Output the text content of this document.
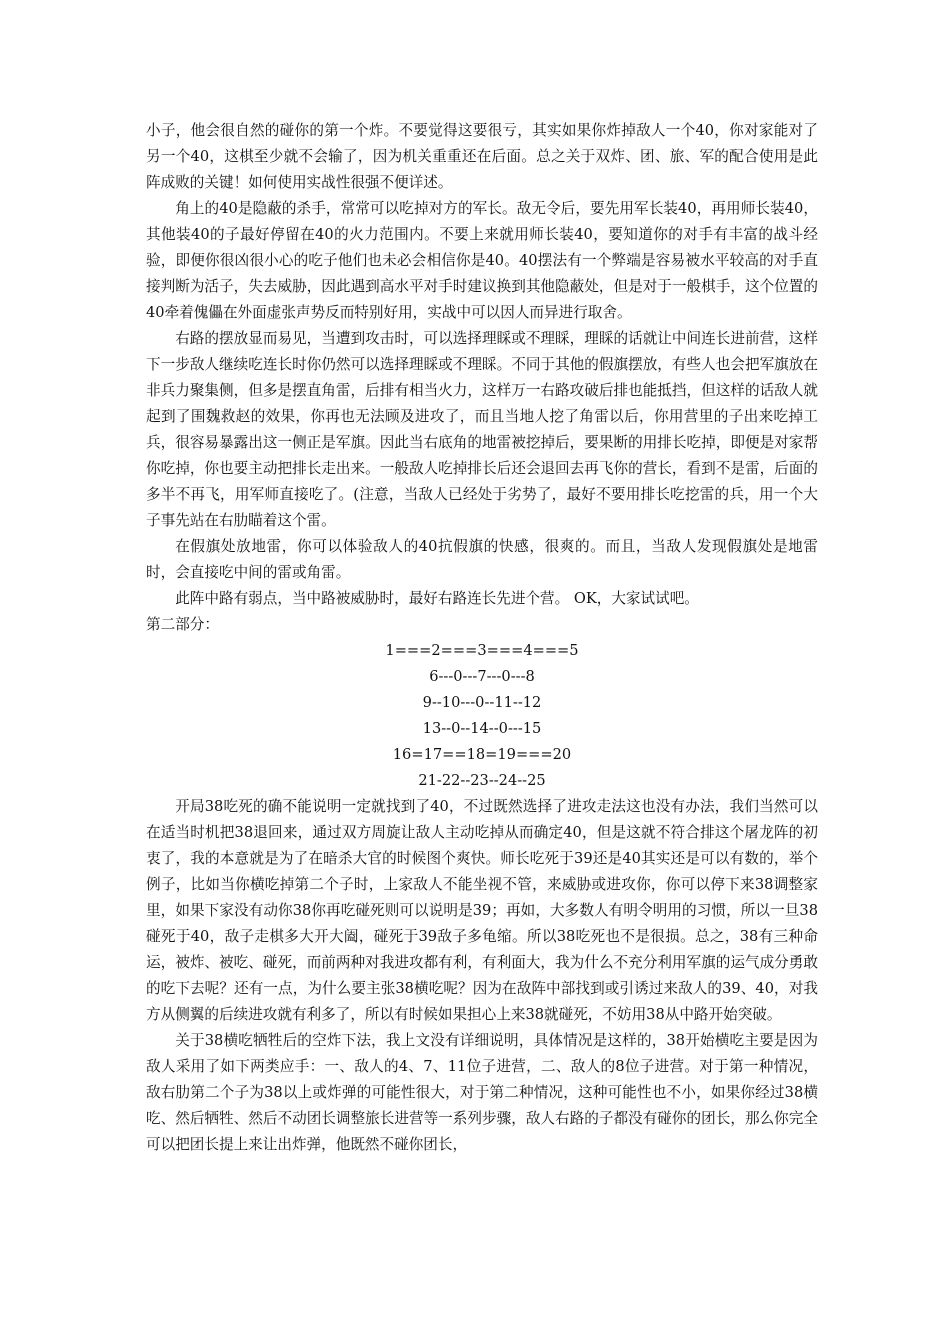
小子，他会很自然的碰你的第一个炸。不要觉得这要很亏，其实如果你炸掉敌人一个40，你对家能对了另一个40，这棋至少就不会输了，因为机关重重还在后面。总之关于双炸、团、旅、军的配合使用是此阵成败的关键！如何使用实战性很强不便详述。

角上的40是隐蔽的杀手，常常可以吃掉对方的军长。敌无令后，要先用军长装40，再用师长装40，其他装40的子最好停留在40的火力范围内。不要上来就用师长装40，要知道你的对手有丰富的战斗经验，即便你很凶很小心的吃子他们也未必会相信你是40。40摆法有一个弊端是容易被水平较高的对手直接判断为活子，失去威胁，因此遇到高水平对手时建议换到其他隐蔽处，但是对于一般棋手，这个位置的40牵着傀儡在外面虚张声势反而特别好用，实战中可以因人而异进行取舍。

右路的摆放显而易见，当遭到攻击时，可以选择理睬或不理睬，理睬的话就让中间连长进前营，这样下一步敌人继续吃连长时你仍然可以选择理睬或不理睬。不同于其他的假旗摆放，有些人也会把军旗放在非兵力聚集侧，但多是摆直角雷，后排有相当火力，这样万一右路攻破后排也能抵挡，但这样的话敌人就起到了围魏救赵的效果，你再也无法顾及进攻了，而且当地人挖了角雷以后，你用营里的子出来吃掉工兵，很容易暴露出这一侧正是军旗。因此当右底角的地雷被挖掉后，要果断的用排长吃掉，即便是对家帮你吃掉，你也要主动把排长走出来。一般敌人吃掉排长后还会退回去再飞你的营长，看到不是雷，后面的多半不再飞，用军师直接吃了。(注意，当敌人已经处于劣势了，最好不要用排长吃挖雷的兵，用一个大子事先站在右肋瞄着这个雷。

在假旗处放地雷，你可以体验敌人的40抗假旗的快感，很爽的。而且，当敌人发现假旗处是地雷时，会直接吃中间的雷或角雷。

此阵中路有弱点，当中路被威胁时，最好右路连长先进个营。 OK，大家试试吧。

第二部分：

1===2===3===4===5
6---0---7---0---8
9--10---0--11--12
13--0--14--0---15
16=17==18=19===20
21-22--23--24--25

开局38吃死的确不能说明一定就找到了40，不过既然选择了进攻走法这也没有办法，我们当然可以在适当时机把38退回来，通过双方周旋让敌人主动吃掉从而确定40，但是这就不符合排这个屠龙阵的初衷了，我的本意就是为了在暗杀大官的时候图个爽快。师长吃死于39还是40其实还是可以有数的，举个例子，比如当你横吃掉第二个子时，上家敌人不能坐视不管，来威胁或进攻你，你可以停下来38调整家里，如果下家没有动你38你再吃碰死则可以说明是39；再如，大多数人有明令明用的习惯，所以一旦38碰死于40，敌子走棋多大开大阖，碰死于39敌子多龟缩。所以38吃死也不是很损。总之，38有三种命运，被炸、被吃、碰死，而前两种对我进攻都有利，有利面大，我为什么不充分利用军旗的运气成分勇敢的吃下去呢？还有一点，为什么要主张38横吃呢？因为在敌阵中部找到或引诱过来敌人的39、40，对我方从侧翼的后续进攻就有利多了，所以有时候如果担心上来38就碰死，不妨用38从中路开始突破。

关于38横吃牺牲后的空炸下法，我上文没有详细说明，具体情况是这样的，38开始横吃主要是因为敌人采用了如下两类应手：一、敌人的4、7、11位子进营，二、敌人的8位子进营。对于第一种情况，敌右肋第二个子为38以上或炸弹的可能性很大，对于第二种情况，这种可能性也不小，如果你经过38横吃、然后牺牲、然后不动团长调整旅长进营等一系列步骤，敌人右路的子都没有碰你的团长，那么你完全可以把团长提上来让出炸弹，他既然不碰你团长，
